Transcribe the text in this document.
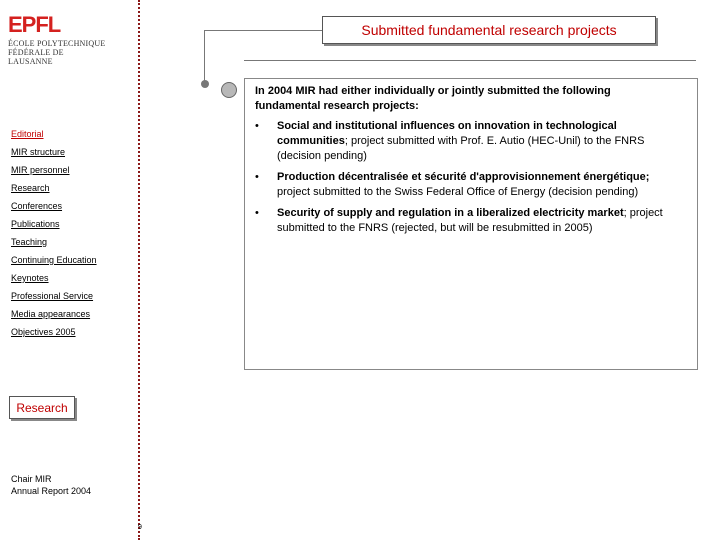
EPFL
ÉCOLE POLYTECHNIQUE
FÉDÉRALE DE LAUSANNE
Submitted fundamental research projects
In 2004 MIR had either individually or jointly submitted the following fundamental research projects:
•	Social and institutional influences on innovation in technological communities; project submitted with Prof. E. Autio (HEC-Unil) to the FNRS (decision pending)
•	Production décentralisée et sécurité d'approvisionnement énergétique; project submitted to the Swiss Federal Office of Energy (decision pending)
•	Security of supply and regulation in a liberalized electricity market; project submitted to the FNRS (rejected, but will be resubmitted in 2005)
Editorial
MIR structure
MIR personnel
Research
Conferences
Publications
Teaching
Continuing Education
Keynotes
Professional Service
Media appearances
Objectives 2005
Research
Chair MIR
Annual Report 2004
9
